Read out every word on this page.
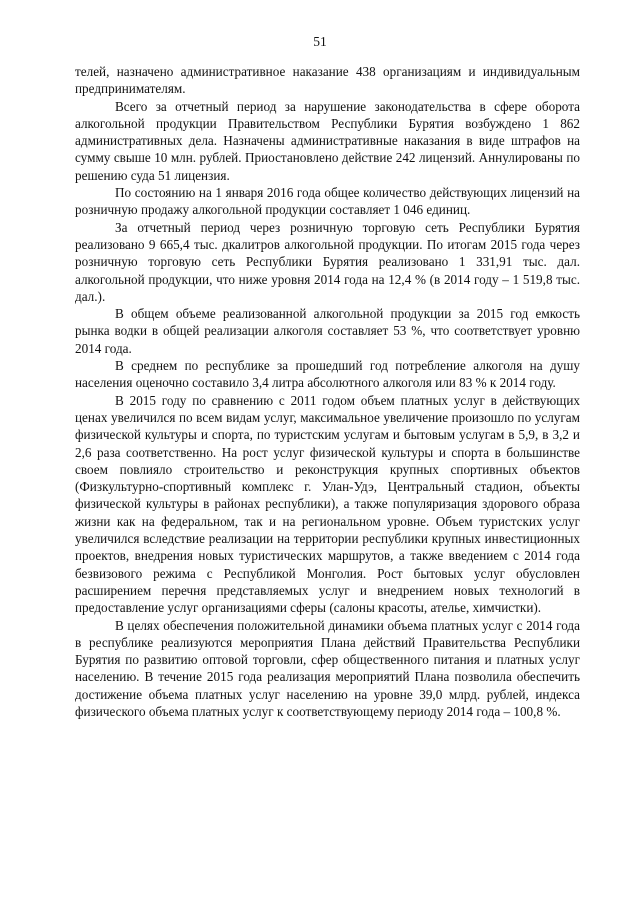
51

телей, назначено административное наказание 438 организациям и индивидуальным предпринимателям.

Всего за отчетный период за нарушение законодательства в сфере оборота алкогольной продукции Правительством Республики Бурятия возбуждено 1 862 административных дела. Назначены административные наказания в виде штрафов на сумму свыше 10 млн. рублей. Приостановлено действие 242 лицензий. Аннулированы по решению суда 51 лицензия.

По состоянию на 1 января 2016 года общее количество действующих лицензий на розничную продажу алкогольной продукции составляет 1 046 единиц.

За отчетный период через розничную торговую сеть Республики Бурятия реализовано 9 665,4 тыс. дкалитров алкогольной продукции. По итогам 2015 года через розничную торговую сеть Республики Бурятия реализовано 1 331,91 тыс. дал. алкогольной продукции, что ниже уровня 2014 года на 12,4 % (в 2014 году – 1 519,8 тыс. дал.).

В общем объеме реализованной алкогольной продукции за 2015 год емкость рынка водки в общей реализации алкоголя составляет 53 %, что соответствует уровню 2014 года.

В среднем по республике за прошедший год потребление алкоголя на душу населения оценочно составило 3,4 литра абсолютного алкоголя или 83 % к 2014 году.

В 2015 году по сравнению с 2011 годом объем платных услуг в действующих ценах увеличился по всем видам услуг, максимальное увеличение произошло по услугам физической культуры и спорта, по туристским услугам и бытовым услугам в 5,9, в 3,2 и 2,6 раза соответственно. На рост услуг физической культуры и спорта в большинстве своем повлияло строительство и реконструкция крупных спортивных объектов (Физкультурно-спортивный комплекс г. Улан-Удэ, Центральный стадион, объекты физической культуры в районах республики), а также популяризация здорового образа жизни как на федеральном, так и на региональном уровне. Объем туристских услуг увеличился вследствие реализации на территории республики крупных инвестиционных проектов, внедрения новых туристических маршрутов, а также введением с 2014 года безвизового режима с Республикой Монголия. Рост бытовых услуг обусловлен расширением перечня представляемых услуг и внедрением новых технологий в предоставление услуг организациями сферы (салоны красоты, ателье, химчистки).

В целях обеспечения положительной динамики объема платных услуг с 2014 года в республике реализуются мероприятия Плана действий Правительства Республики Бурятия по развитию оптовой торговли, сфер общественного питания и платных услуг населению. В течение 2015 года реализация мероприятий Плана позволила обеспечить достижение объема платных услуг населению на уровне 39,0 млрд. рублей, индекса физического объема платных услуг к соответствующему периоду 2014 года – 100,8 %.
